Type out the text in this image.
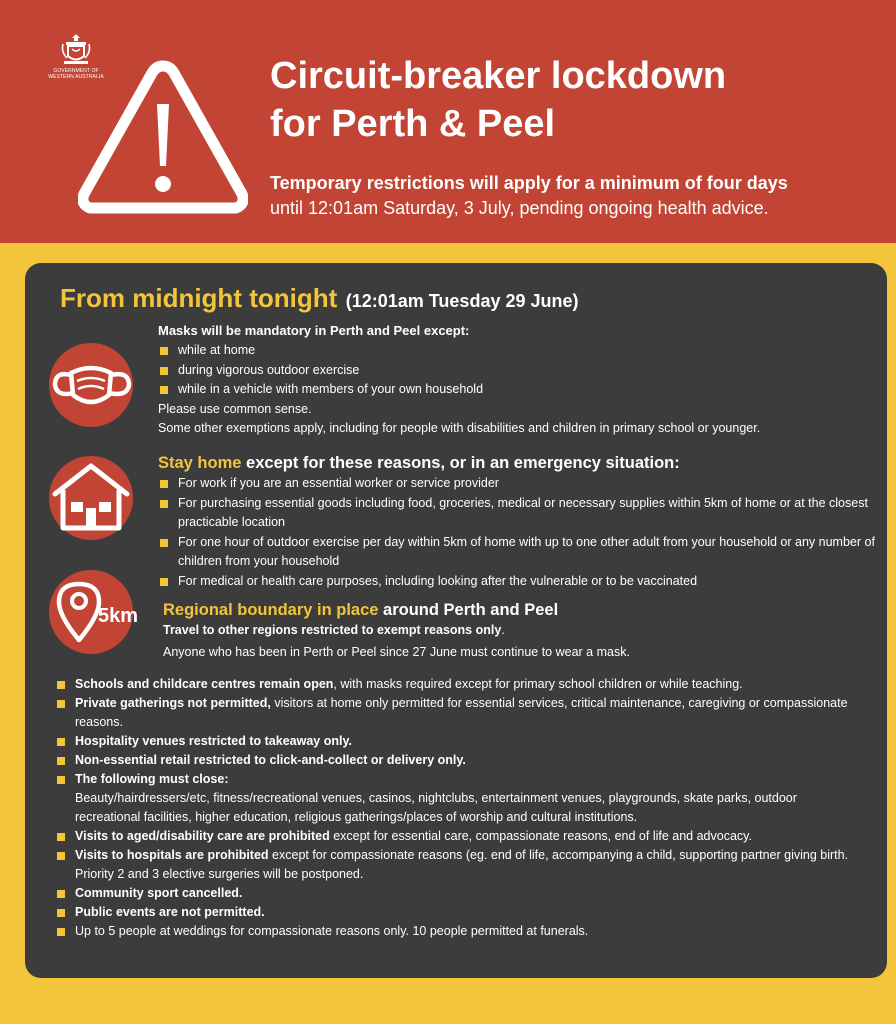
GOVERNMENT OF
WESTERN AUSTRALIA	Circuit-breaker lockdown
for Perth & Peel
Temporary restrictions will apply for a minimum of four days
until 12:01am Saturday, 3 July, pending ongoing health advice.
From midnight tonight (12:01am Tuesday 29 June)
Masks will be mandatory in Perth and Peel except:
while at home
during vigorous outdoor exercise
while in a vehicle with members of your own household
Please use common sense.
Some other exemptions apply, including for people with disabilities and children in primary school or younger.
Stay home except for these reasons, or in an emergency situation:
For work if you are an essential worker or service provider
For purchasing essential goods including food, groceries, medical or necessary supplies within 5km of home or at the closest practicable location
For one hour of outdoor exercise per day within 5km of home with up to one other adult from your household or any number of children from your household
For medical or health care purposes, including looking after the vulnerable or to be vaccinated
5km Regional boundary in place around Perth and Peel
Travel to other regions restricted to exempt reasons only.
Anyone who has been in Perth or Peel since 27 June must continue to wear a mask.
Schools and childcare centres remain open, with masks required except for primary school children or while teaching.
Private gatherings not permitted, visitors at home only permitted for essential services, critical maintenance, caregiving or compassionate reasons.
Hospitality venues restricted to takeaway only.
Non-essential retail restricted to click-and-collect or delivery only.
The following must close:
Beauty/hairdressers/etc, fitness/recreational venues, casinos, nightclubs, entertainment venues, playgrounds, skate parks, outdoor recreational facilities, higher education, religious gatherings/places of worship and cultural institutions.
Visits to aged/disability care are prohibited except for essential care, compassionate reasons, end of life and advocacy.
Visits to hospitals are prohibited except for compassionate reasons (eg. end of life, accompanying a child, supporting partner giving birth. Priority 2 and 3 elective surgeries will be postponed.
Community sport cancelled.
Public events are not permitted.
Up to 5 people at weddings for compassionate reasons only. 10 people permitted at funerals.
